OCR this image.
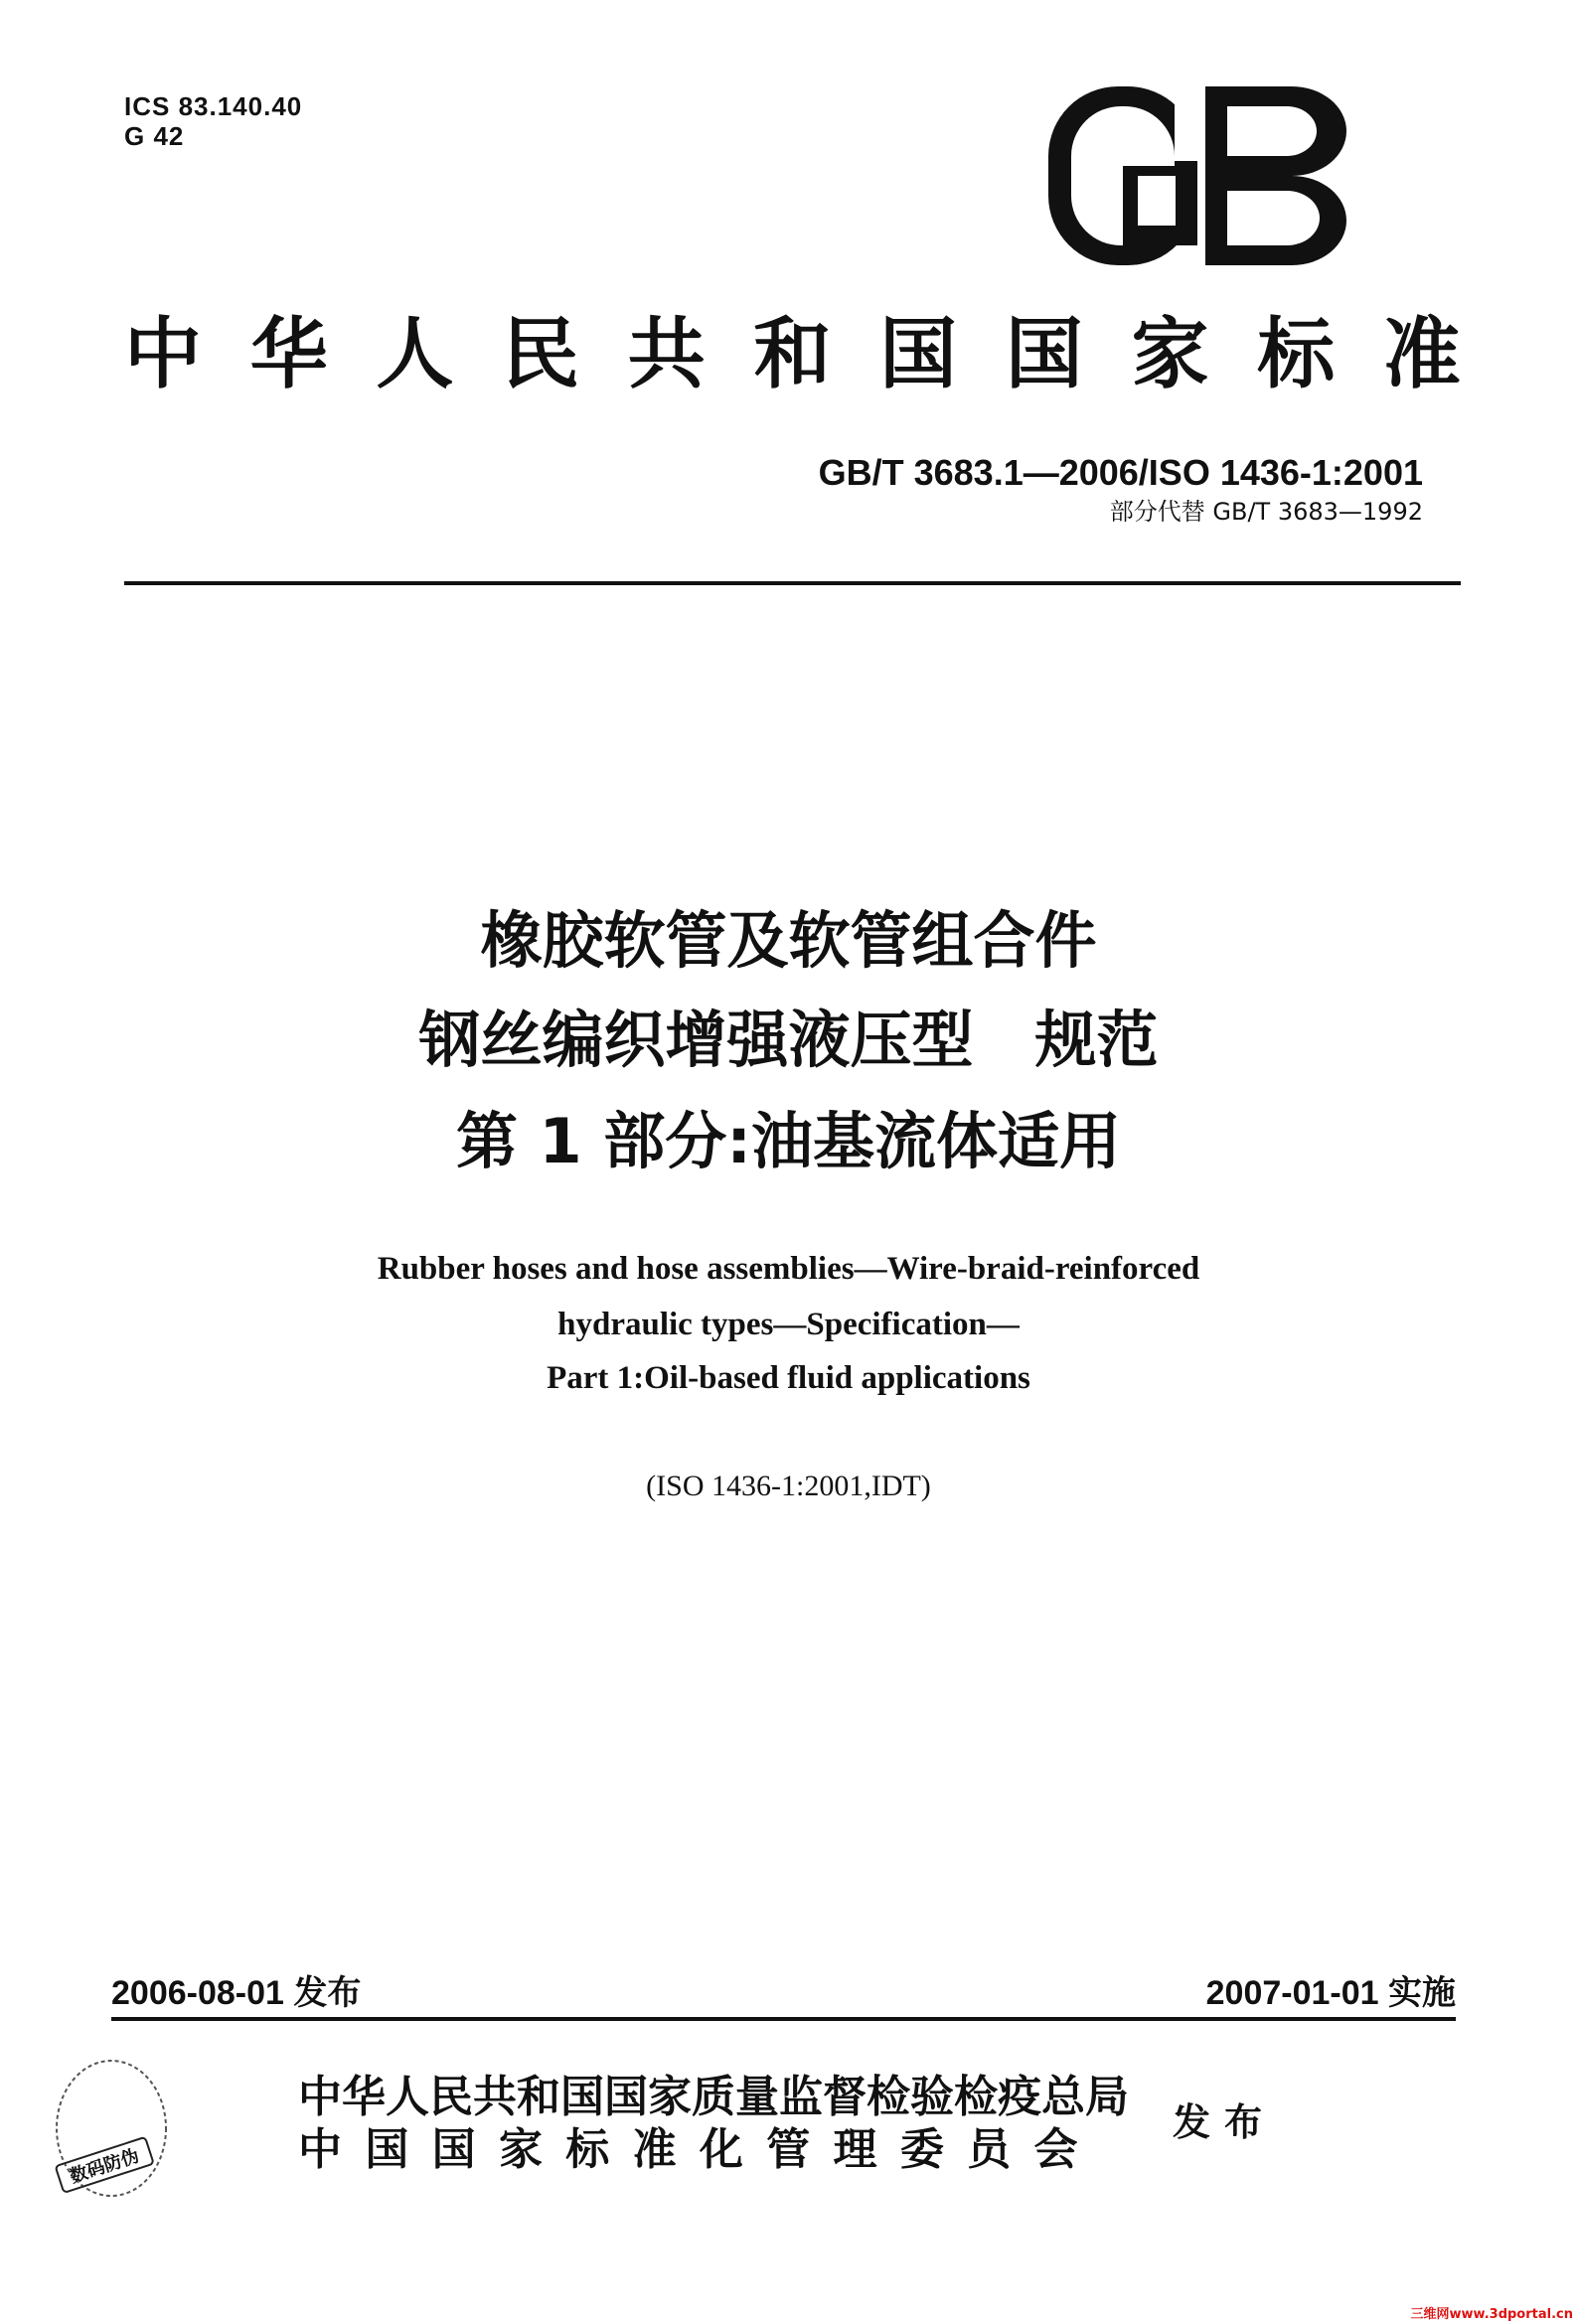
ICS 83.140.40
G 42
中 华 人 民 共 和 国 国 家 标 准
GB/T 3683.1—2006/ISO 1436-1:2001
部分代替 GB/T 3683—1992
橡胶软管及软管组合件
钢丝编织增强液压型　规范
第 1 部分:油基流体适用
Rubber hoses and hose assemblies—Wire-braid-reinforced
hydraulic types—Specification—
Part 1:Oil-based fluid applications
(ISO 1436-1:2001,IDT)
2006-08-01 发布	2007-01-01 实施
数码防伪
中华人民共和国国家质量监督检验检疫总局
中 国 国 家 标 准 化 管 理 委 员 会
发布
三维网www.3dportal.cn
